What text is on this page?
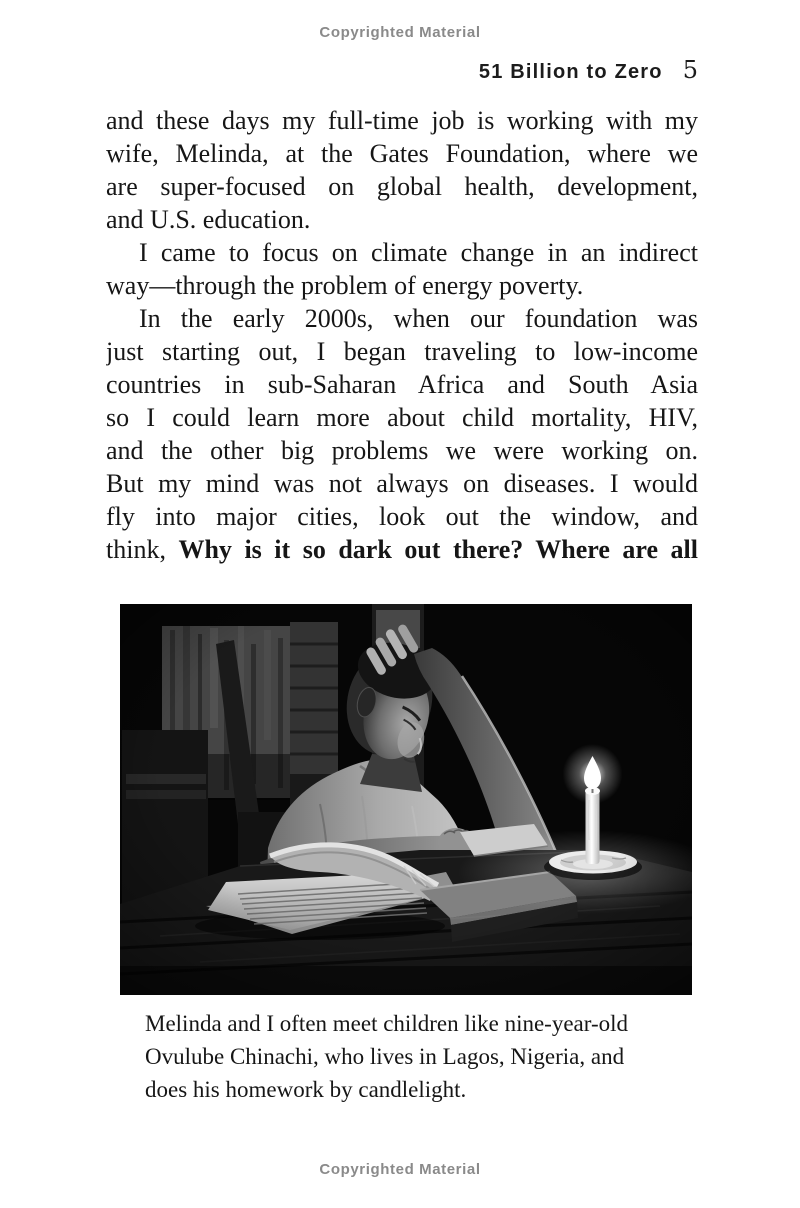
Copyrighted Material
51 Billion to Zero 5
and these days my full-time job is working with my
wife, Melinda, at the Gates Foundation, where we
are super-focused on global health, development,
and U.S. education.
I came to focus on climate change in an indirect
way—through the problem of energy poverty.
In the early 2000s, when our foundation was
just starting out, I began traveling to low-income
countries in sub-Saharan Africa and South Asia
so I could learn more about child mortality, HIV,
and the other big problems we were working on.
But my mind was not always on diseases. I would
fly into major cities, look out the window, and
think, Why is it so dark out there? Where are all
Melinda and I often meet children like nine-year-old
Ovulube Chinachi, who lives in Lagos, Nigeria, and
does his homework by candlelight.
Copyrighted Material
